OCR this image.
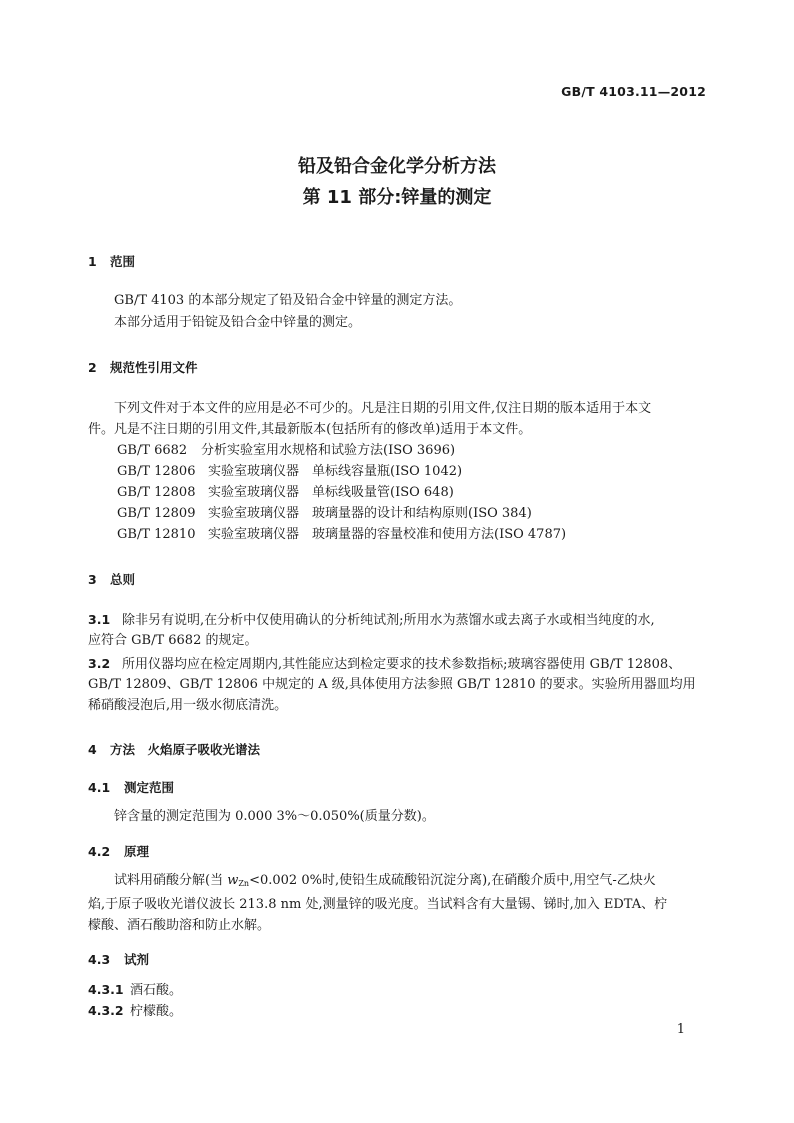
GB/T 4103.11—2012
铅及铅合金化学分析方法
第 11 部分:锌量的测定
1 范围

GB/T 4103 的本部分规定了铅及铅合金中锌量的测定方法。

本部分适用于铅锭及铅合金中锌量的测定。

2 规范性引用文件

下列文件对于本文件的应用是必不可少的。凡是注日期的引用文件,仅注日期的版本适用于本文

件。凡是不注日期的引用文件,其最新版本(包括所有的修改单)适用于本文件。

GB/T 6682 分析实验室用水规格和试验方法(ISO 3696)
GB/T 12806 实验室玻璃仪器　单标线容量瓶(ISO 1042)
GB/T 12808 实验室玻璃仪器　单标线吸量管(ISO 648)
GB/T 12809 实验室玻璃仪器　玻璃量器的设计和结构原则(ISO 384)
GB/T 12810 实验室玻璃仪器　玻璃量器的容量校准和使用方法(ISO 4787)
3 总则

3.1 除非另有说明,在分析中仅使用确认的分析纯试剂;所用水为蒸馏水或去离子水或相当纯度的水,

应符合 GB/T 6682 的规定。

3.2 所用仪器均应在检定周期内,其性能应达到检定要求的技术参数指标;玻璃容器使用 GB/T 12808、

GB/T 12809、GB/T 12806 中规定的 A 级,具体使用方法参照 GB/T 12810 的要求。实验所用器皿均用

稀硝酸浸泡后,用一级水彻底清洗。

4 方法　火焰原子吸收光谱法
4.1 测定范围

锌含量的测定范围为 0.000 3%～0.050%(质量分数)。

4.2 原理

试料用硝酸分解(当 $w_{Zn}<0.002$ 0%时,使铅生成硫酸铅沉淀分离),在硝酸介质中,用空气-乙炔火

焰,于原子吸收光谱仪波长 213.8 nm 处,测量锌的吸光度。当试料含有大量锡、锑时,加入 EDTA、柠

檬酸、酒石酸助溶和防止水解。

4.3 试剂

4.3.1 酒石酸。

4.3.2 柠檬酸。

1
